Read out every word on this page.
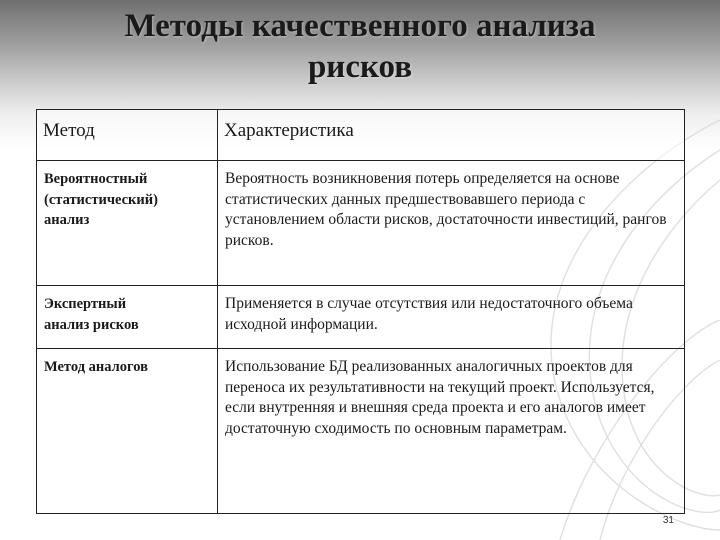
Методы качественного анализа
рисков
Метод	Характеристика

Вероятностный
(статистический)
анализ	Вероятность возникновения потерь определяется на основе статистических данных предшествовавшего периода с установлением области рисков, достаточности инвестиций, рангов рисков.

Экспертный
анализ рисков	Применяется в случае отсутствия или недостаточного объема исходной информации.

Метод аналогов	Использование БД реализованных аналогичных проектов для переноса их результативности на текущий проект. Используется, если внутренняя и внешняя среда проекта и его аналогов имеет достаточную сходимость по основным параметрам.
31
